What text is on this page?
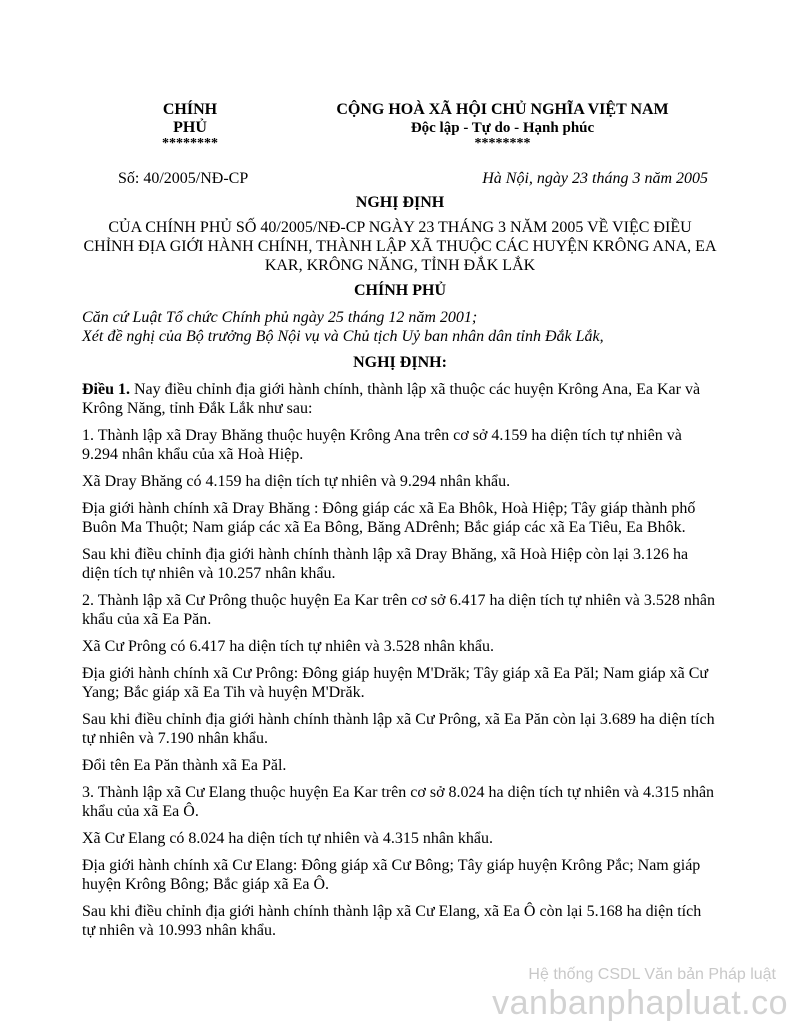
CHÍNH PHỦ
********
CỘNG HOÀ XÃ HỘI CHỦ NGHĨA VIỆT NAM
Độc lập - Tự do - Hạnh phúc
********
Số: 40/2005/NĐ-CP	Hà Nội, ngày 23 tháng 3 năm 2005
NGHỊ ĐỊNH
CỦA CHÍNH PHỦ SỐ 40/2005/NĐ-CP NGÀY 23 THÁNG 3 NĂM 2005 VỀ VIỆC ĐIỀU CHỈNH ĐỊA GIỚI HÀNH CHÍNH, THÀNH LẬP XÃ THUỘC CÁC HUYỆN KRÔNG ANA, EA KAR, KRÔNG NĂNG, TỈNH ĐẮK LẮK
CHÍNH PHỦ
Căn cứ Luật Tổ chức Chính phủ ngày 25 tháng 12 năm 2001;
Xét đề nghị của Bộ trưởng Bộ Nội vụ và Chủ tịch Uỷ ban nhân dân tỉnh Đắk Lắk,
NGHỊ ĐỊNH:

Điều 1. Nay điều chỉnh địa giới hành chính, thành lập xã thuộc các huyện Krông Ana, Ea Kar và Krông Năng, tỉnh Đắk Lắk như sau:

1. Thành lập xã Dray Bhăng thuộc huyện Krông Ana trên cơ sở 4.159 ha diện tích tự nhiên và 9.294 nhân khẩu của xã Hoà Hiệp.

Xã Dray Bhăng có 4.159 ha diện tích tự nhiên và 9.294 nhân khẩu.

Địa giới hành chính xã Dray Bhăng : Đông giáp các xã Ea Bhôk, Hoà Hiệp; Tây giáp thành phố Buôn Ma Thuột; Nam giáp các xã Ea Bông, Băng ADrênh; Bắc giáp các xã Ea Tiêu, Ea Bhôk.

Sau khi điều chỉnh địa giới hành chính thành lập xã Dray Bhăng, xã Hoà Hiệp còn lại 3.126 ha diện tích tự nhiên và 10.257 nhân khẩu.

2. Thành lập xã Cư Prông thuộc huyện Ea Kar trên cơ sở 6.417 ha diện tích tự nhiên và 3.528 nhân khẩu của xã Ea Păn.

Xã Cư Prông có 6.417 ha diện tích tự nhiên và 3.528 nhân khẩu.

Địa giới hành chính xã Cư Prông: Đông giáp huyện M'Drăk; Tây giáp xã Ea Păl; Nam giáp xã Cư Yang; Bắc giáp xã Ea Tih và huyện M'Drăk.

Sau khi điều chỉnh địa giới hành chính thành lập xã Cư Prông, xã Ea Păn còn lại 3.689 ha diện tích tự nhiên và 7.190 nhân khẩu.

Đổi tên Ea Păn thành xã Ea Păl.

3. Thành lập xã Cư Elang thuộc huyện Ea Kar trên cơ sở 8.024 ha diện tích tự nhiên và 4.315 nhân khẩu của xã Ea Ô.

Xã Cư Elang có 8.024 ha diện tích tự nhiên và 4.315 nhân khẩu.

Địa giới hành chính xã Cư Elang: Đông giáp xã Cư Bông; Tây giáp huyện Krông Pắc; Nam giáp huyện Krông Bông; Bắc giáp xã Ea Ô.

Sau khi điều chỉnh địa giới hành chính thành lập xã Cư Elang, xã Ea Ô còn lại 5.168 ha diện tích tự nhiên và 10.993 nhân khẩu.

Hệ thống CSDL Văn bản Pháp luật
vanbanphapluat.co
